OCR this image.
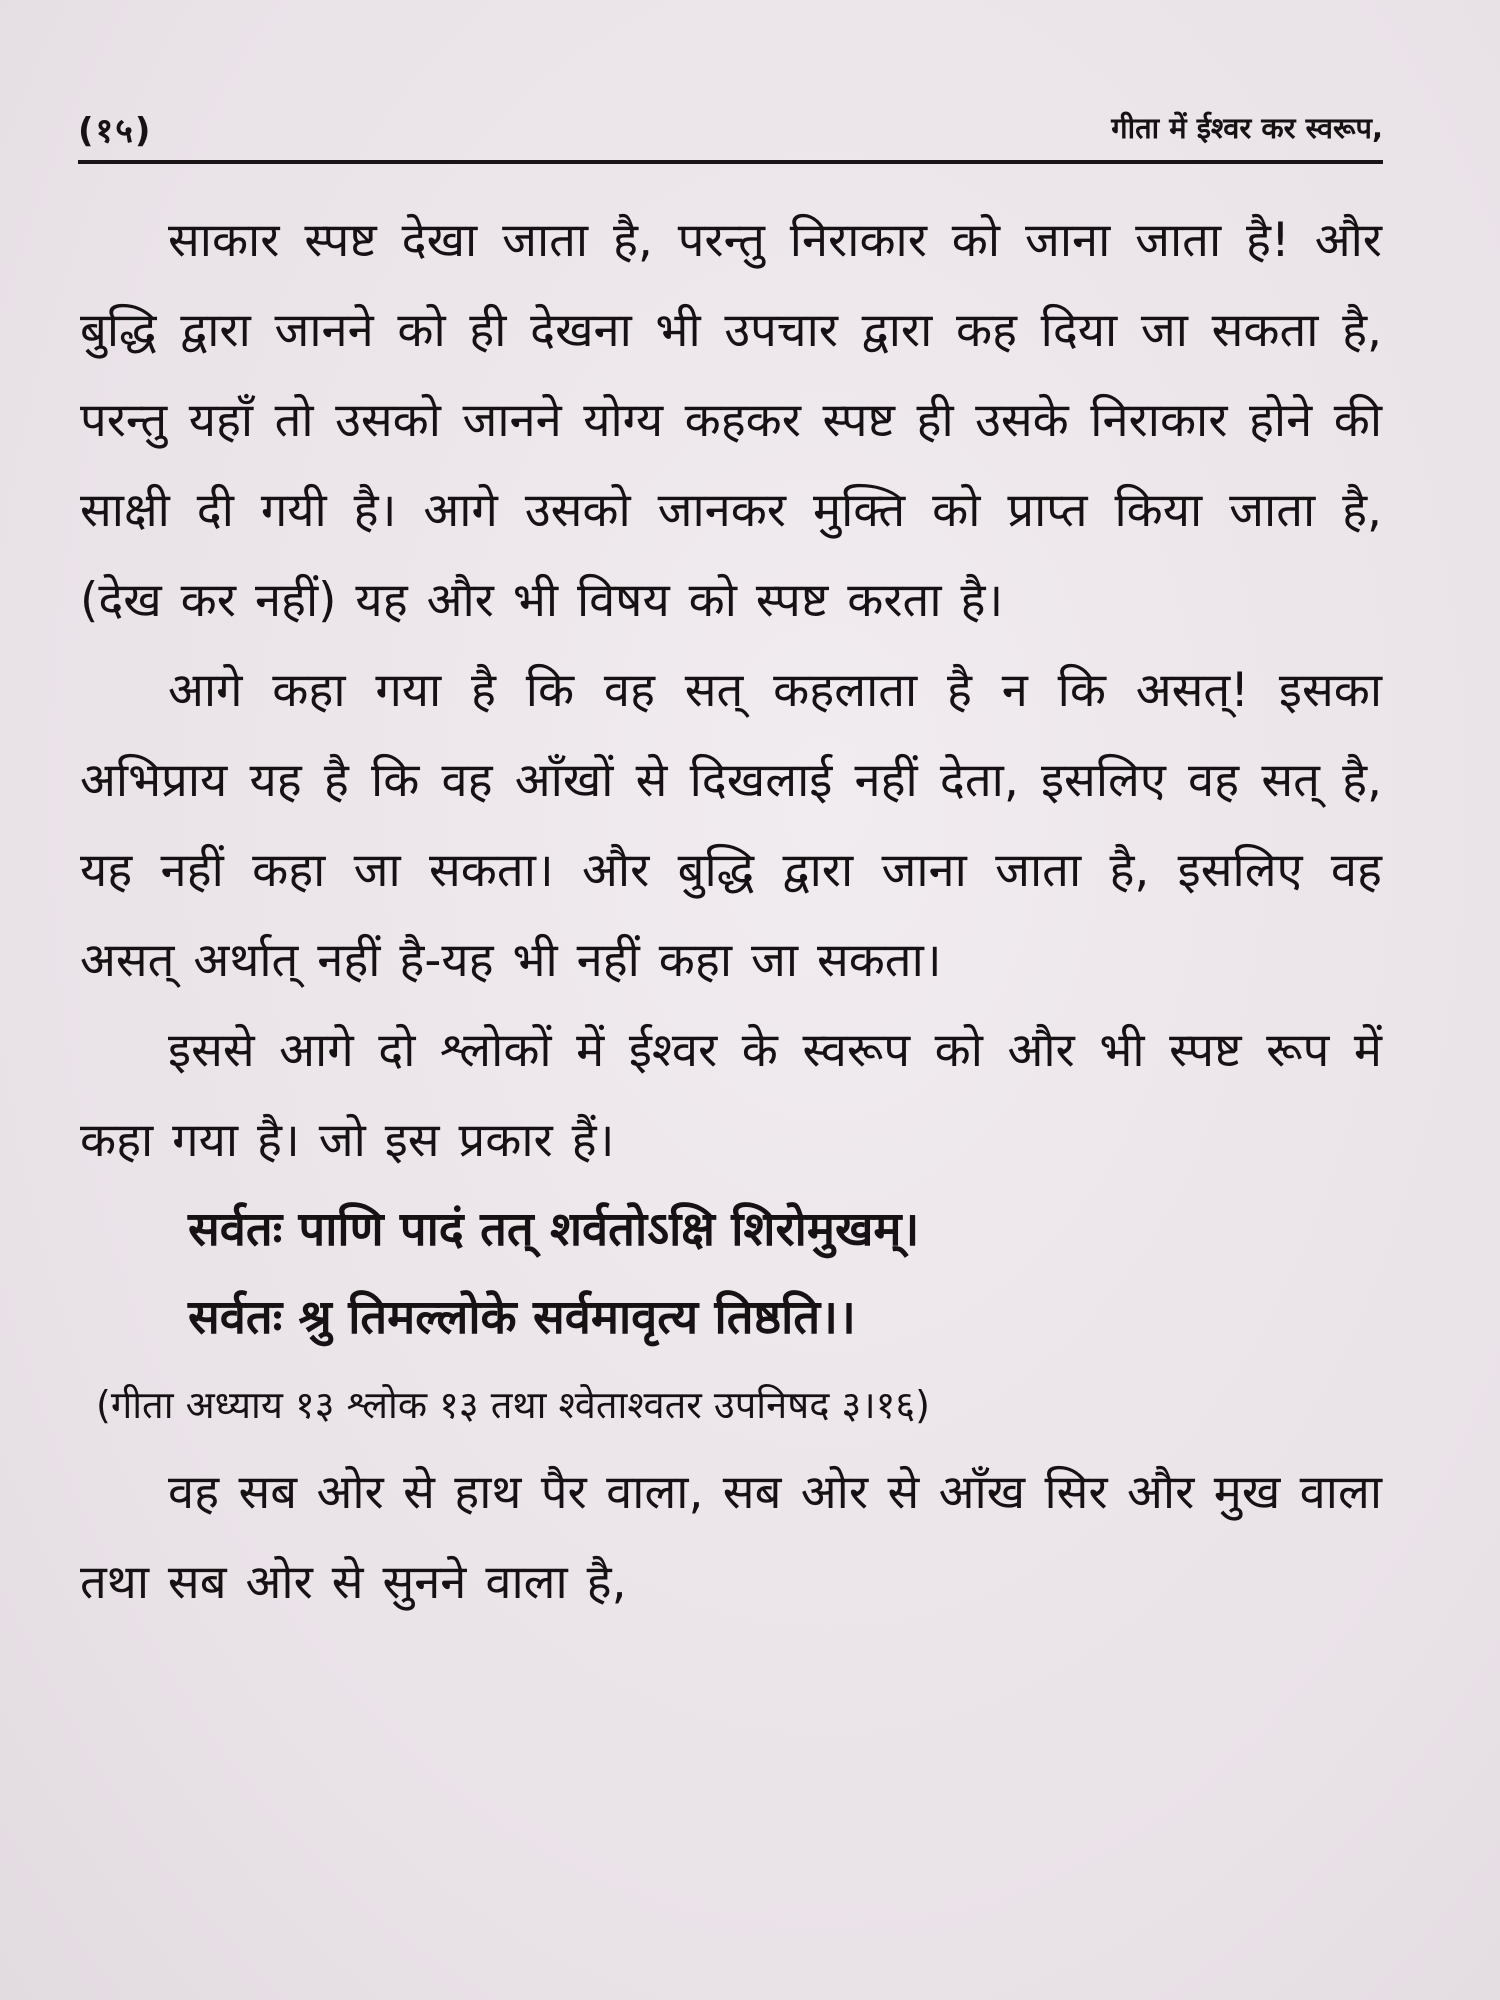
(१५)	गीता में ईश्वर कर स्वरूप,

साकार स्पष्ट देखा जाता है, परन्तु निराकार को जाना जाता है! और बुद्धि द्वारा जानने को ही देखना भी उपचार द्वारा कह दिया जा सकता है, परन्तु यहाँ तो उसको जानने योग्य कहकर स्पष्ट ही उसके निराकार होने की साक्षी दी गयी है। आगे उसको जानकर मुक्ति को प्राप्त किया जाता है, (देख कर नहीं) यह और भी विषय को स्पष्ट करता है।

आगे कहा गया है कि वह सत् कहलाता है न कि असत्! इसका अभिप्राय यह है कि वह आँखों से दिखलाई नहीं देता, इसलिए वह सत् है, यह नहीं कहा जा सकता। और बुद्धि द्वारा जाना जाता है, इसलिए वह असत् अर्थात् नहीं है-यह भी नहीं कहा जा सकता।

इससे आगे दो श्लोकों में ईश्वर के स्वरूप को और भी स्पष्ट रूप में कहा गया है। जो इस प्रकार हैं।

सर्वतः पाणि पादं तत् शर्वतोऽक्षि शिरोमुखम्।

सर्वतः श्रु तिमल्लोके सर्वमावृत्य तिष्ठति।।

(गीता अध्याय १३ श्लोक १३ तथा श्वेताश्वतर उपनिषद ३।१६)

वह सब ओर से हाथ पैर वाला, सब ओर से आँख सिर और मुख वाला तथा सब ओर से सुनने वाला है,
